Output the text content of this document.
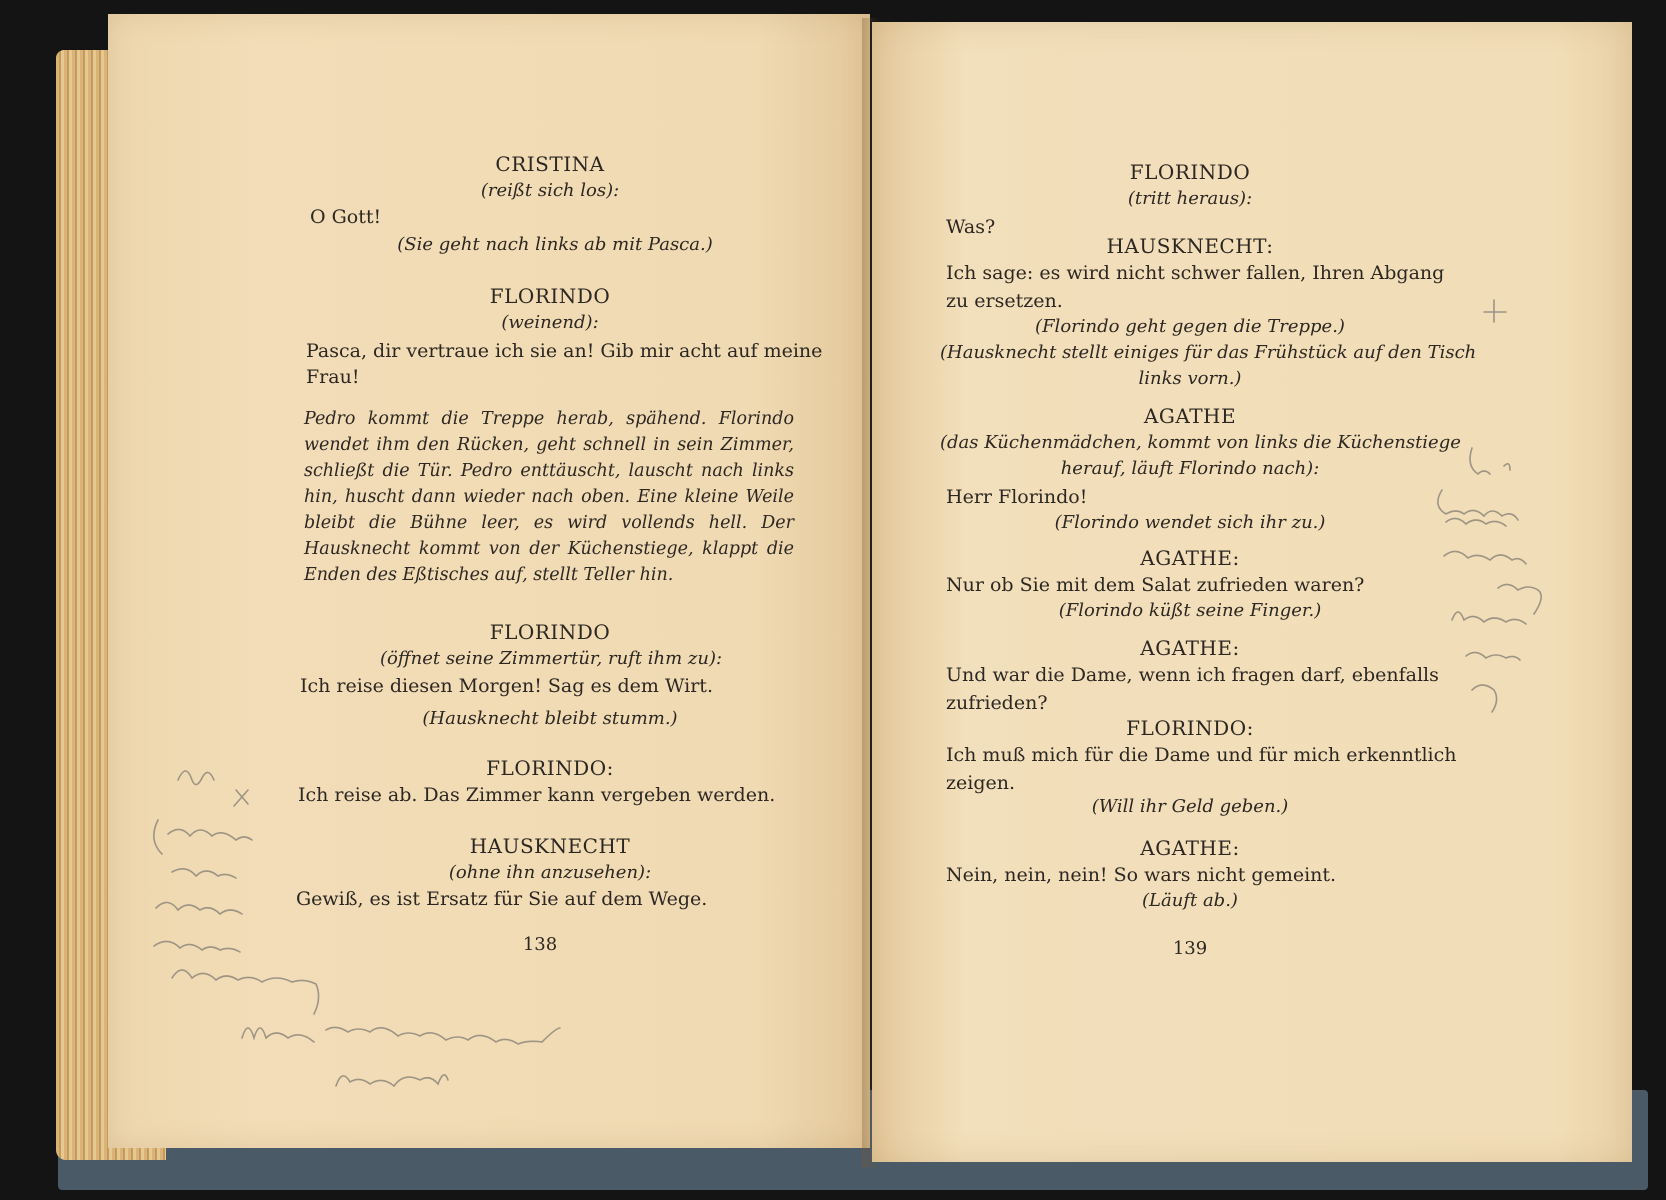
CRISTINA
(reißt sich los):
O Gott!
(Sie geht nach links ab mit Pasca.)
FLORINDO
(weinend):
Pasca, dir vertraue ich sie an! Gib mir acht auf meine
Frau!
Pedro kommt die Treppe herab, spähend. Florindo wendet ihm den Rücken, geht schnell in sein Zimmer, schließt die Tür. Pedro enttäuscht, lauscht nach links hin, huscht dann wieder nach oben. Eine kleine Weile bleibt die Bühne leer, es wird vollends hell. Der Hausknecht kommt von der Küchenstiege, klappt die Enden des Eßtisches auf, stellt Teller hin.
FLORINDO
(öffnet seine Zimmertür, ruft ihm zu):
Ich reise diesen Morgen! Sag es dem Wirt.
(Hausknecht bleibt stumm.)
FLORINDO:
Ich reise ab. Das Zimmer kann vergeben werden.
HAUSKNECHT
(ohne ihn anzusehen):
Gewiß, es ist Ersatz für Sie auf dem Wege.
138
FLORINDO
(tritt heraus):
Was?
HAUSKNECHT:
Ich sage: es wird nicht schwer fallen, Ihren Abgang
zu ersetzen.
(Florindo geht gegen die Treppe.)
(Hausknecht stellt einiges für das Frühstück auf den Tisch
links vorn.)
AGATHE
(das Küchenmädchen, kommt von links die Küchenstiege
herauf, läuft Florindo nach):
Herr Florindo!
(Florindo wendet sich ihr zu.)
AGATHE:
Nur ob Sie mit dem Salat zufrieden waren?
(Florindo küßt seine Finger.)
AGATHE:
Und war die Dame, wenn ich fragen darf, ebenfalls
zufrieden?
FLORINDO:
Ich muß mich für die Dame und für mich erkenntlich
zeigen.
(Will ihr Geld geben.)
AGATHE:
Nein, nein, nein! So wars nicht gemeint.
(Läuft ab.)
139
